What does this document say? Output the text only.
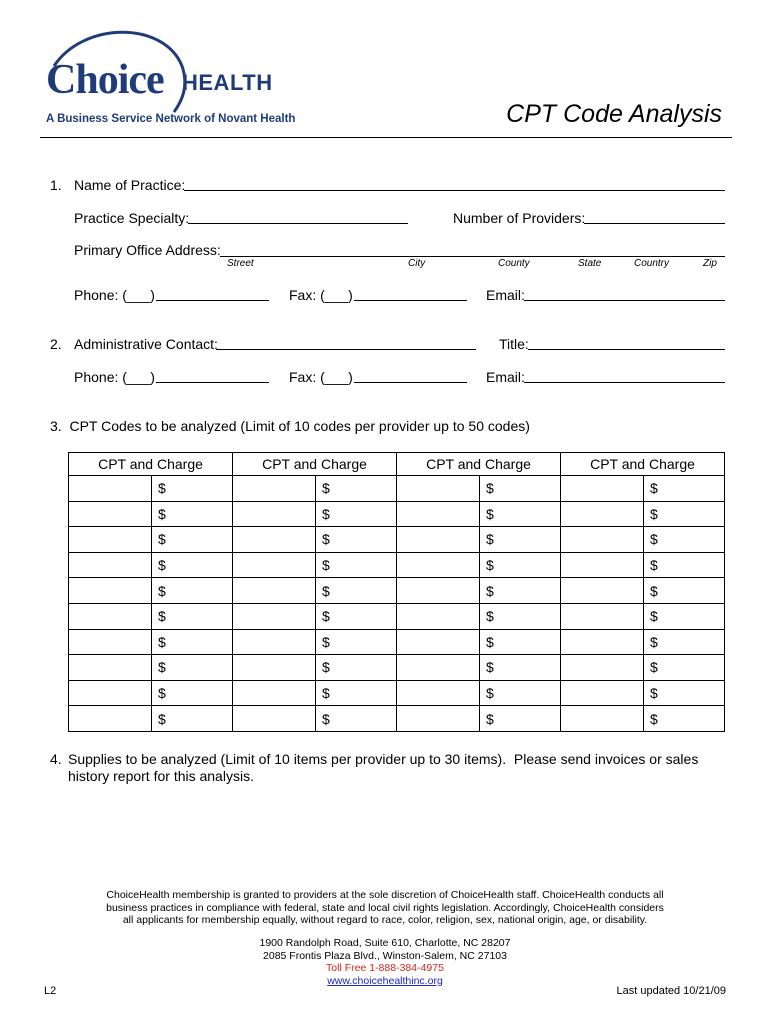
Choice HEALTH
A Business Service Network of Novant Health	CPT Code Analysis
1. Name of Practice:
Practice Specialty:	Number of Providers:
Primary Office Address:
Street	City	County	State	Country	Zip
Phone: (___)	Fax: (___)	Email:
2. Administrative Contact:	Title:
Phone: (___)	Fax: (___)	Email:
3.  CPT Codes to be analyzed (Limit of 10 codes per provider up to 50 codes)
CPT and Charge		CPT and Charge		CPT and Charge		CPT and Charge	
	$		$		$		$
	$		$		$		$
	$		$		$		$
	$		$		$		$
	$		$		$		$
	$		$		$		$
	$		$		$		$
	$		$		$		$
	$		$		$		$
	$		$		$		$
4. Supplies to be analyzed (Limit of 10 items per provider up to 30 items).  Please send invoices or sales
history report for this analysis.
ChoiceHealth membership is granted to providers at the sole discretion of ChoiceHealth staff. ChoiceHealth conducts all
business practices in compliance with federal, state and local civil rights legislation. Accordingly, ChoiceHealth considers
all applicants for membership equally, without regard to race, color, religion, sex, national origin, age, or disability.
1900 Randolph Road, Suite 610, Charlotte, NC 28207
2085 Frontis Plaza Blvd., Winston-Salem, NC 27103
Toll Free 1-888-384-4975
www.choicehealthinc.org
L2	Last updated 10/21/09
